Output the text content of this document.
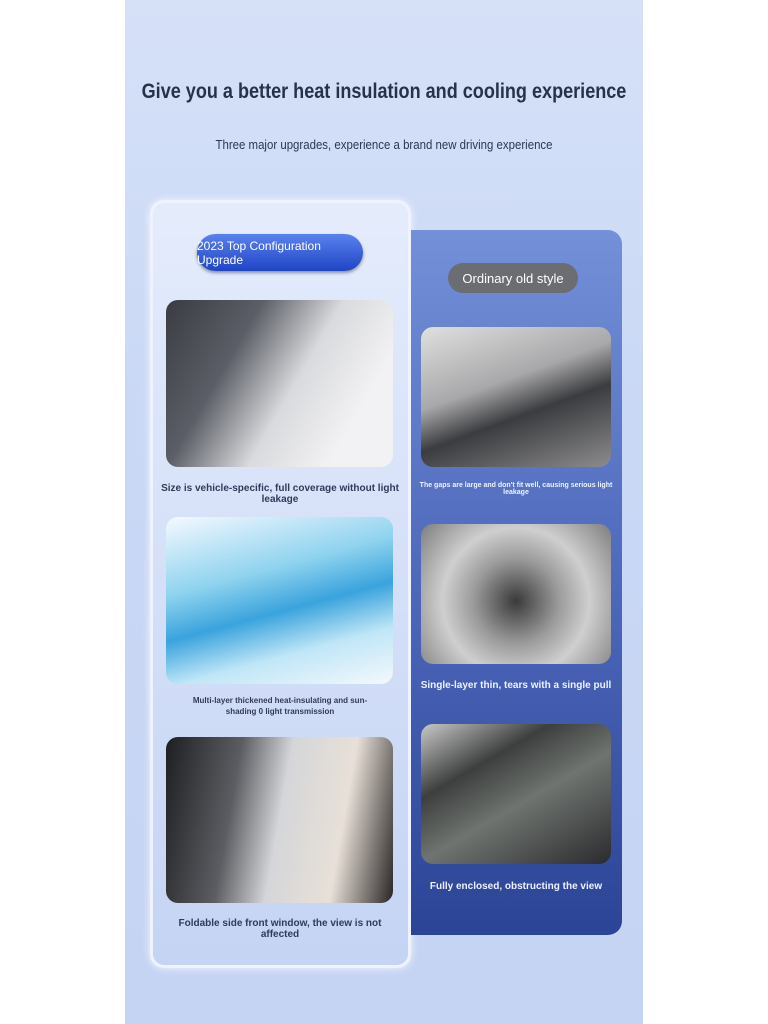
Give you a better heat insulation and cooling experience
Three major upgrades, experience a brand new driving experience
2023 Top Configuration Upgrade
Ordinary old style
Size is vehicle-specific, full coverage without light leakage
Multi-layer thickened heat-insulating and sun-shading 0 light transmission
Foldable side front window, the view is not affected
The gaps are large and don't fit well, causing serious light leakage
Single-layer thin, tears with a single pull
Fully enclosed, obstructing the view
